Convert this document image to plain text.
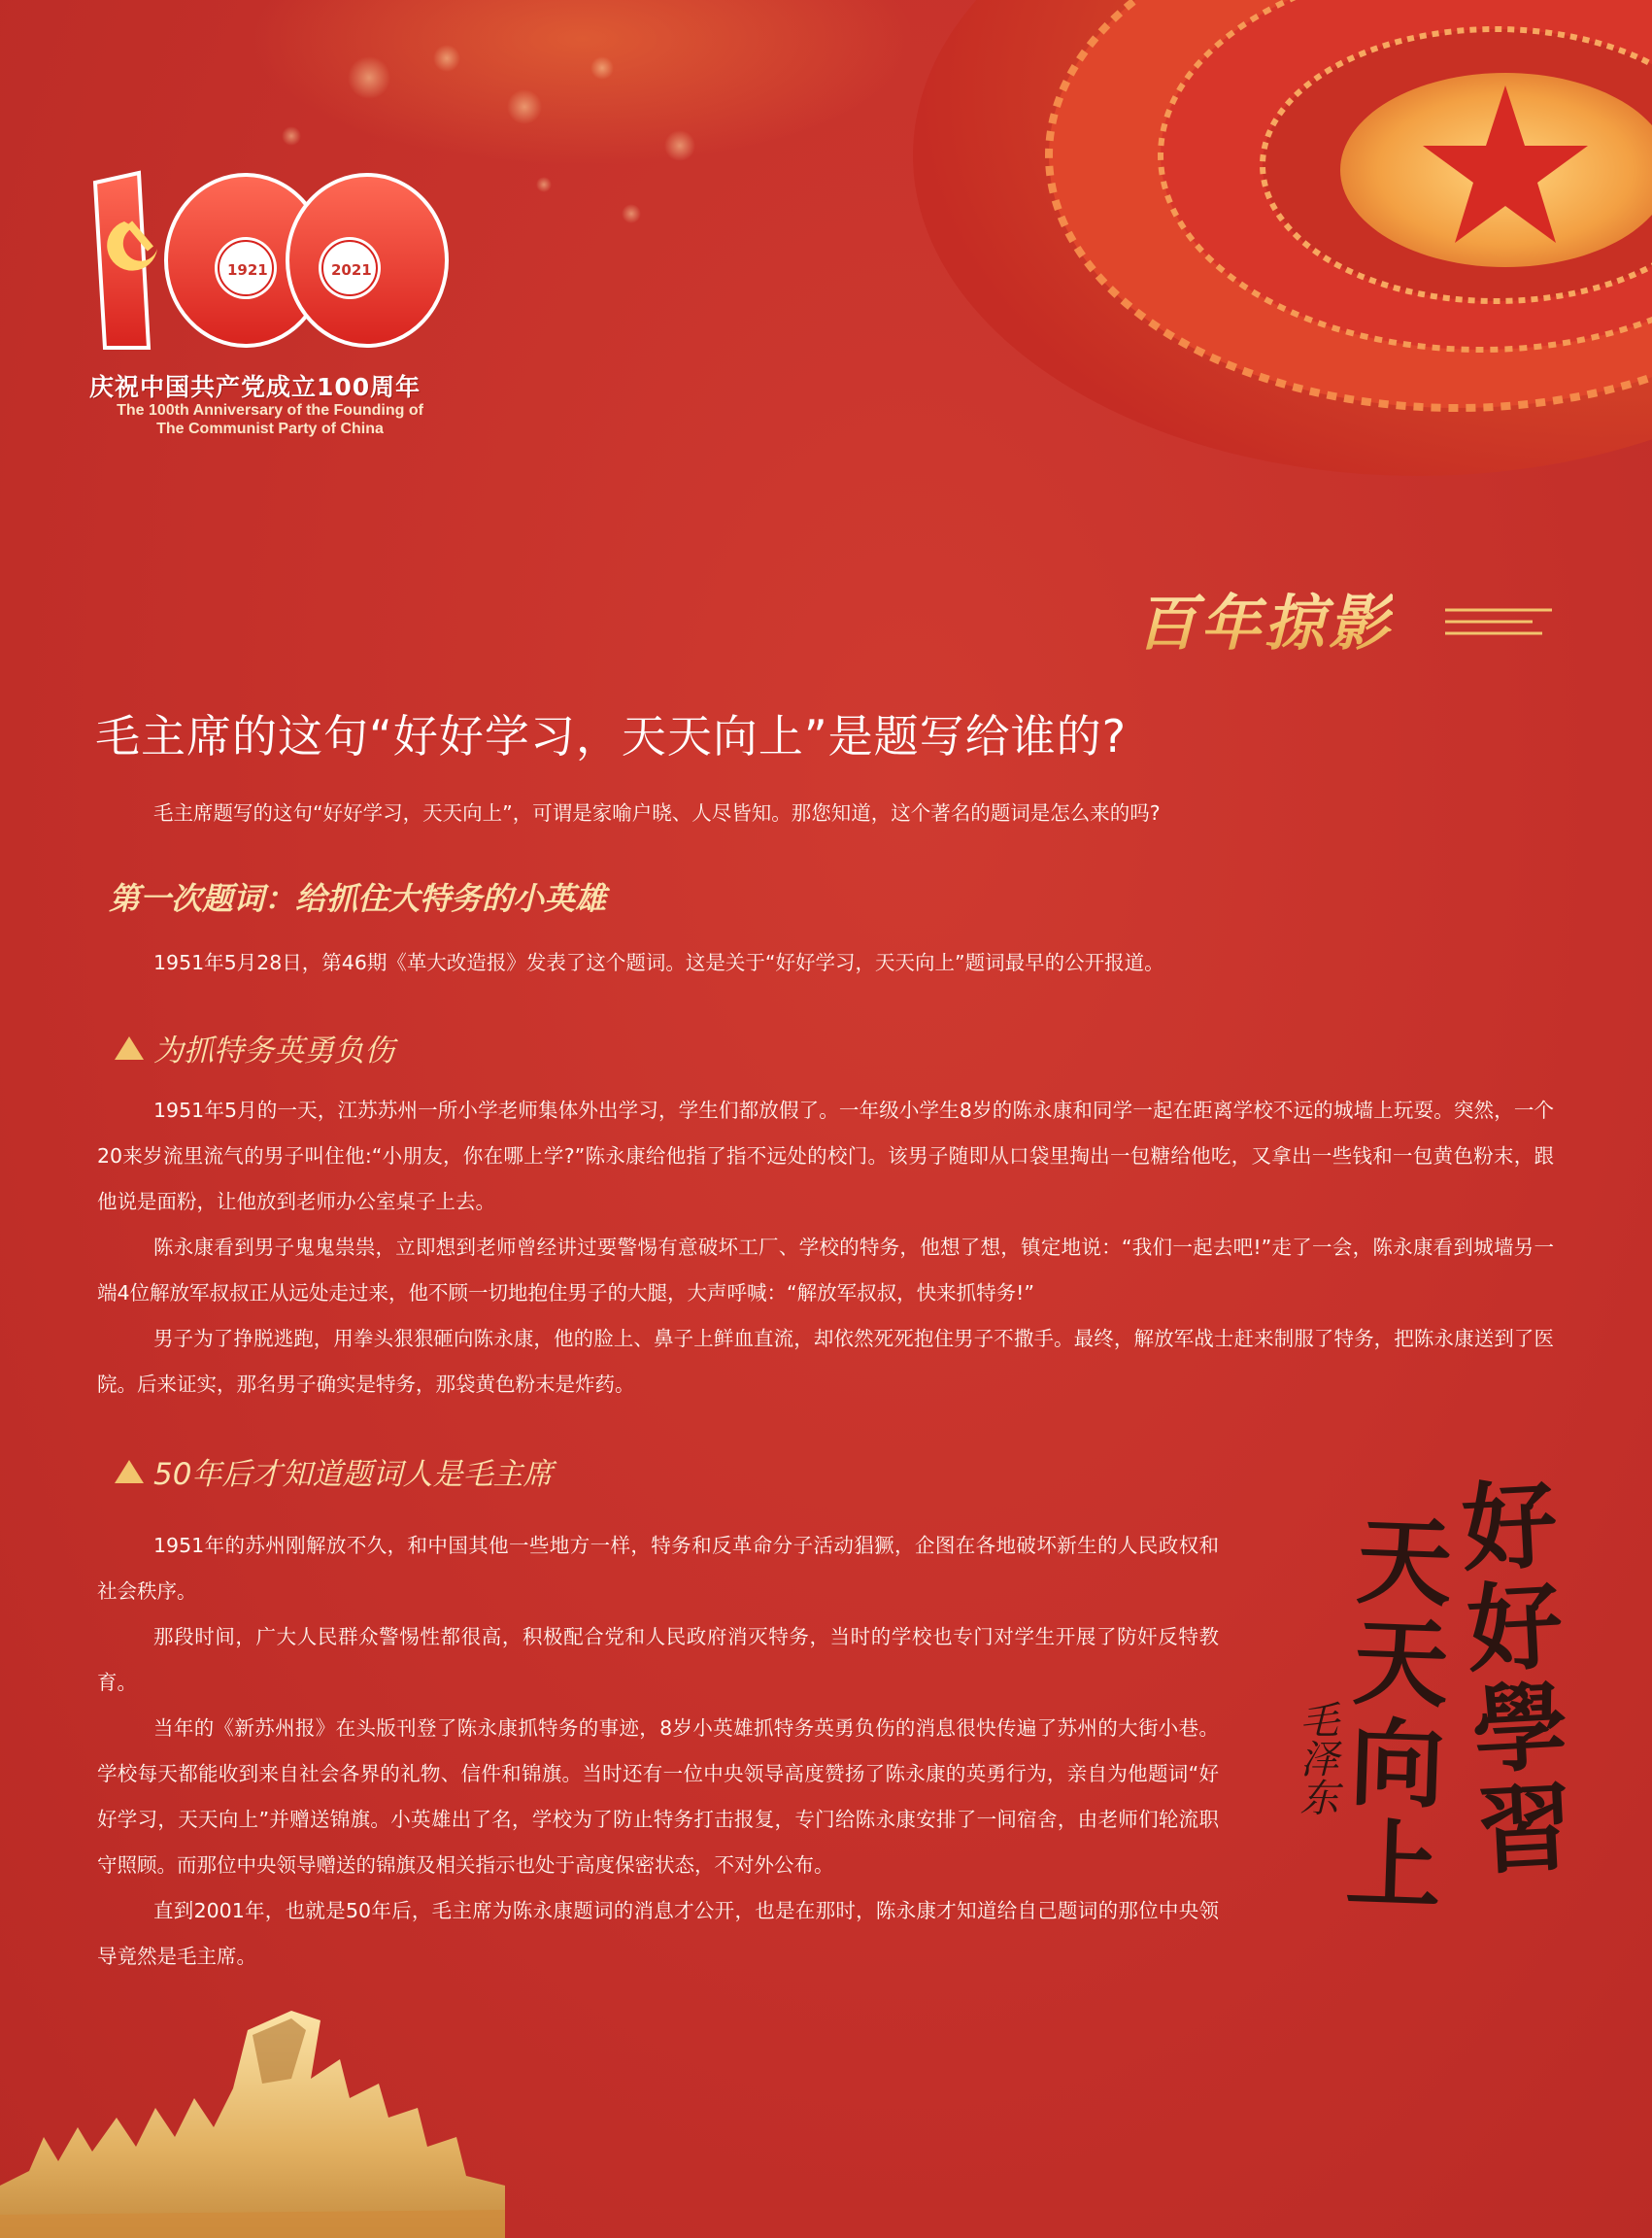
1921	2021
庆祝中国共产党成立100周年
The 100th Anniversary of the Founding of
The Communist Party of China
百年掠影
毛主席的这句“好好学习，天天向上”是题写给谁的?
毛主席题写的这句“好好学习，天天向上”，可谓是家喻户晓、人尽皆知。那您知道，这个著名的题词是怎么来的吗?
第一次题词：给抓住大特务的小英雄
1951年5月28日，第46期《革大改造报》发表了这个题词。这是关于“好好学习，天天向上”题词最早的公开报道。
为抓特务英勇负伤

1951年5月的一天，江苏苏州一所小学老师集体外出学习，学生们都放假了。一年级小学生8岁的陈永康和同学一起在距离学校不远的城墙上玩耍。突然，一个20来岁流里流气的男子叫住他:“小朋友，你在哪上学?”陈永康给他指了指不远处的校门。该男子随即从口袋里掏出一包糖给他吃，又拿出一些钱和一包黄色粉末，跟他说是面粉，让他放到老师办公室桌子上去。

陈永康看到男子鬼鬼祟祟，立即想到老师曾经讲过要警惕有意破坏工厂、学校的特务，他想了想，镇定地说：“我们一起去吧!”走了一会，陈永康看到城墙另一端4位解放军叔叔正从远处走过来，他不顾一切地抱住男子的大腿，大声呼喊：“解放军叔叔，快来抓特务!”

男子为了挣脱逃跑，用拳头狠狠砸向陈永康，他的脸上、鼻子上鲜血直流，却依然死死抱住男子不撒手。最终，解放军战士赶来制服了特务，把陈永康送到了医院。后来证实，那名男子确实是特务，那袋黄色粉末是炸药。

50年后才知道题词人是毛主席

1951年的苏州刚解放不久，和中国其他一些地方一样，特务和反革命分子活动猖獗，企图在各地破坏新生的人民政权和社会秩序。

那段时间，广大人民群众警惕性都很高，积极配合党和人民政府消灭特务，当时的学校也专门对学生开展了防奸反特教育。

当年的《新苏州报》在头版刊登了陈永康抓特务的事迹，8岁小英雄抓特务英勇负伤的消息很快传遍了苏州的大街小巷。学校每天都能收到来自社会各界的礼物、信件和锦旗。当时还有一位中央领导高度赞扬了陈永康的英勇行为，亲自为他题词“好好学习，天天向上”并赠送锦旗。小英雄出了名，学校为了防止特务打击报复，专门给陈永康安排了一间宿舍，由老师们轮流职守照顾。而那位中央领导赠送的锦旗及相关指示也处于高度保密状态，不对外公布。

直到2001年，也就是50年后，毛主席为陈永康题词的消息才公开，也是在那时，陈永康才知道给自己题词的那位中央领导竟然是毛主席。

好好學習
天天向上
毛泽东
